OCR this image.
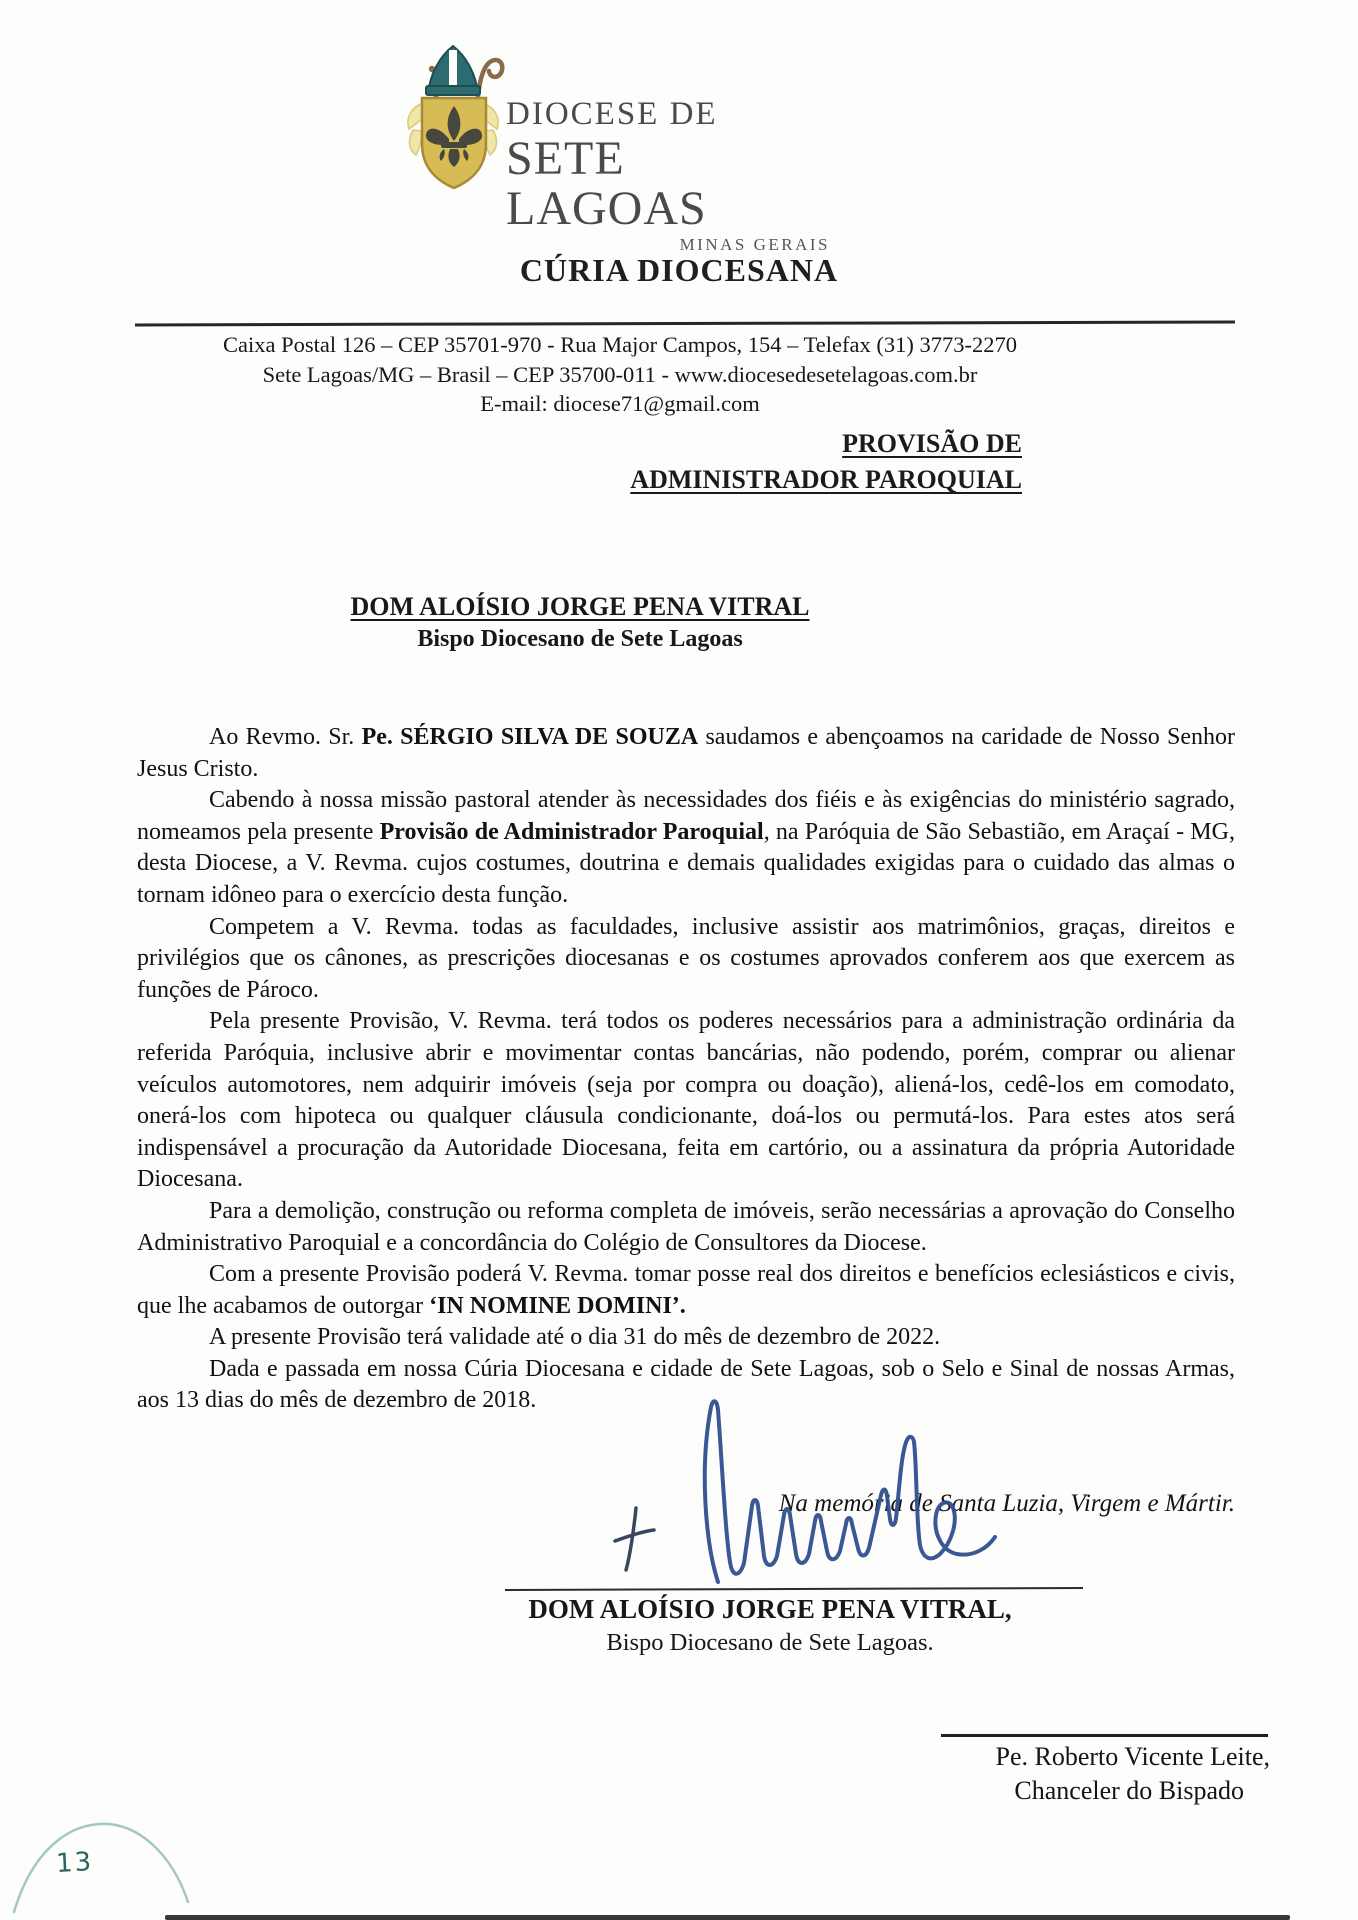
DIOCESE DE
SETE LAGOAS
MINAS GERAIS
CÚRIA DIOCESANA
Caixa Postal 126 – CEP 35701-970 - Rua Major Campos, 154 – Telefax (31) 3773-2270
Sete Lagoas/MG – Brasil – CEP 35700-011 - www.diocesedesetelagoas.com.br
E-mail: diocese71@gmail.com
PROVISÃO DE
ADMINISTRADOR PAROQUIAL
DOM ALOÍSIO JORGE PENA VITRAL
Bispo Diocesano de Sete Lagoas

Ao Revmo. Sr. Pe. SÉRGIO SILVA DE SOUZA saudamos e abençoamos na caridade de Nosso Senhor Jesus Cristo.

Cabendo à nossa missão pastoral atender às necessidades dos fiéis e às exigências do ministério sagrado, nomeamos pela presente Provisão de Administrador Paroquial, na Paróquia de São Sebastião, em Araçaí - MG, desta Diocese, a V. Revma. cujos costumes, doutrina e demais qualidades exigidas para o cuidado das almas o tornam idôneo para o exercício desta função.

Competem a V. Revma. todas as faculdades, inclusive assistir aos matrimônios, graças, direitos e privilégios que os cânones, as prescrições diocesanas e os costumes aprovados conferem aos que exercem as funções de Pároco.

Pela presente Provisão, V. Revma. terá todos os poderes necessários para a administração ordinária da referida Paróquia, inclusive abrir e movimentar contas bancárias, não podendo, porém, comprar ou alienar veículos automotores, nem adquirir imóveis (seja por compra ou doação), aliená-los, cedê-los em comodato, onerá-los com hipoteca ou qualquer cláusula condicionante, doá-los ou permutá-los. Para estes atos será indispensável a procuração da Autoridade Diocesana, feita em cartório, ou a assinatura da própria Autoridade Diocesana.

Para a demolição, construção ou reforma completa de imóveis, serão necessárias a aprovação do Conselho Administrativo Paroquial e a concordância do Colégio de Consultores da Diocese.

Com a presente Provisão poderá V. Revma. tomar posse real dos direitos e benefícios eclesiásticos e civis, que lhe acabamos de outorgar ‘IN NOMINE DOMINI’.

A presente Provisão terá validade até o dia 31 do mês de dezembro de 2022.

Dada e passada em nossa Cúria Diocesana e cidade de Sete Lagoas, sob o Selo e Sinal de nossas Armas, aos 13 dias do mês de dezembro de 2018.

Na memória de Santa Luzia, Virgem e Mártir.
DOM ALOÍSIO JORGE PENA VITRAL,
Bispo Diocesano de Sete Lagoas.
Pe. Roberto Vicente Leite,
Chanceler do Bispado
13
